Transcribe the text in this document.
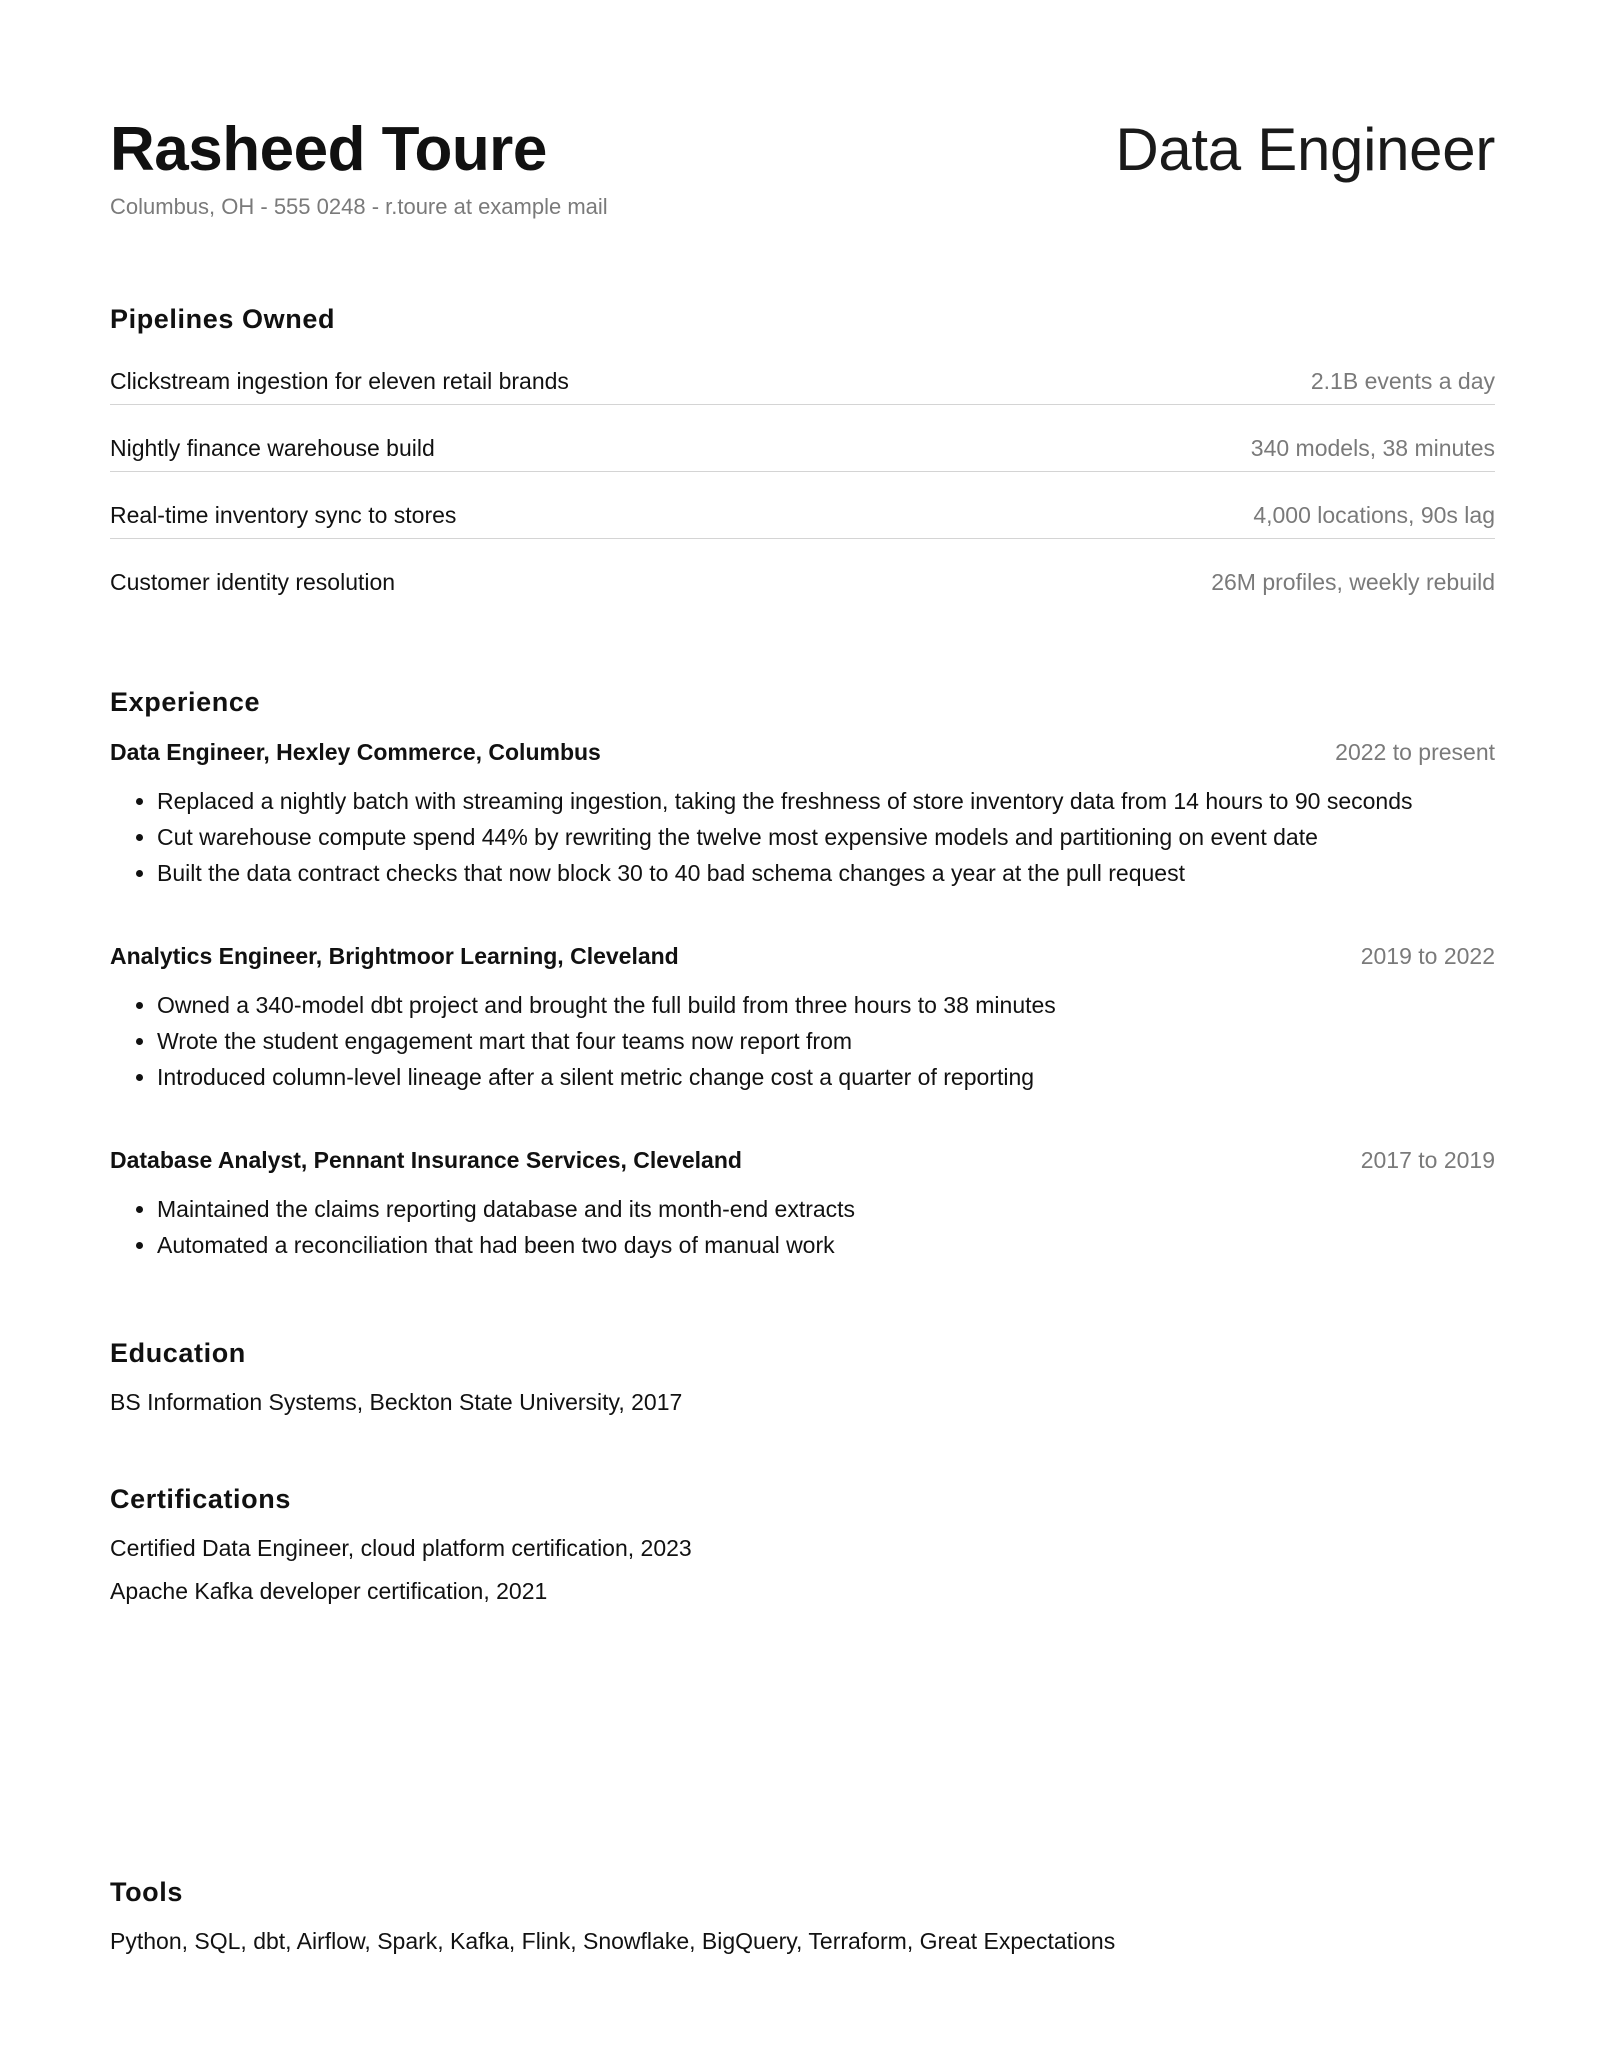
Rasheed Toure	Data Engineer
Columbus, OH - 555 0248 - r.toure at example mail
Pipelines Owned
Clickstream ingestion for eleven retail brands	2.1B events a day
Nightly finance warehouse build	340 models, 38 minutes
Real-time inventory sync to stores	4,000 locations, 90s lag
Customer identity resolution	26M profiles, weekly rebuild
Experience
Data Engineer, Hexley Commerce, Columbus	2022 to present
Replaced a nightly batch with streaming ingestion, taking the freshness of store inventory data from 14 hours to 90 seconds
Cut warehouse compute spend 44% by rewriting the twelve most expensive models and partitioning on event date
Built the data contract checks that now block 30 to 40 bad schema changes a year at the pull request
Analytics Engineer, Brightmoor Learning, Cleveland	2019 to 2022
Owned a 340-model dbt project and brought the full build from three hours to 38 minutes
Wrote the student engagement mart that four teams now report from
Introduced column-level lineage after a silent metric change cost a quarter of reporting
Database Analyst, Pennant Insurance Services, Cleveland	2017 to 2019
Maintained the claims reporting database and its month-end extracts
Automated a reconciliation that had been two days of manual work
Education
BS Information Systems, Beckton State University, 2017
Certifications
Certified Data Engineer, cloud platform certification, 2023
Apache Kafka developer certification, 2021
Tools
Python, SQL, dbt, Airflow, Spark, Kafka, Flink, Snowflake, BigQuery, Terraform, Great Expectations
